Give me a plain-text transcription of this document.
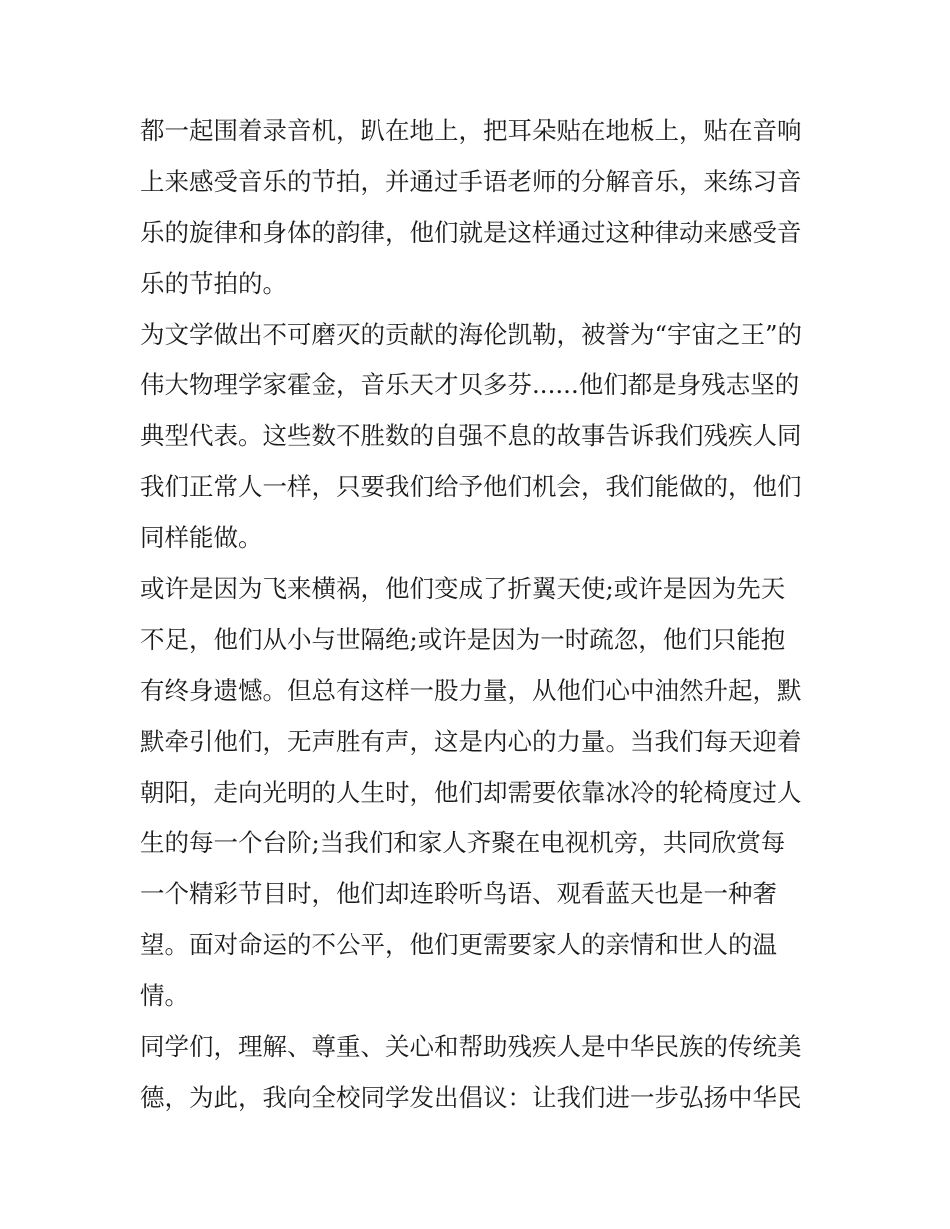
都一起围着录音机，趴在地上，把耳朵贴在地板上，贴在音响
上来感受音乐的节拍，并通过手语老师的分解音乐，来练习音
乐的旋律和身体的韵律，他们就是这样通过这种律动来感受音
乐的节拍的。
为文学做出不可磨灭的贡献的海伦凯勒，被誉为“宇宙之王”的
伟大物理学家霍金，音乐天才贝多芬......他们都是身残志坚的
典型代表。这些数不胜数的自强不息的故事告诉我们残疾人同
我们正常人一样，只要我们给予他们机会，我们能做的，他们
同样能做。
或许是因为飞来横祸，他们变成了折翼天使;或许是因为先天
不足，他们从小与世隔绝;或许是因为一时疏忽，他们只能抱
有终身遗憾。但总有这样一股力量，从他们心中油然升起，默
默牵引他们，无声胜有声，这是内心的力量。当我们每天迎着
朝阳，走向光明的人生时，他们却需要依靠冰冷的轮椅度过人
生的每一个台阶;当我们和家人齐聚在电视机旁，共同欣赏每
一个精彩节目时，他们却连聆听鸟语、观看蓝天也是一种奢
望。面对命运的不公平，他们更需要家人的亲情和世人的温
情。
同学们，理解、尊重、关心和帮助残疾人是中华民族的传统美
德，为此，我向全校同学发出倡议：让我们进一步弘扬中华民
